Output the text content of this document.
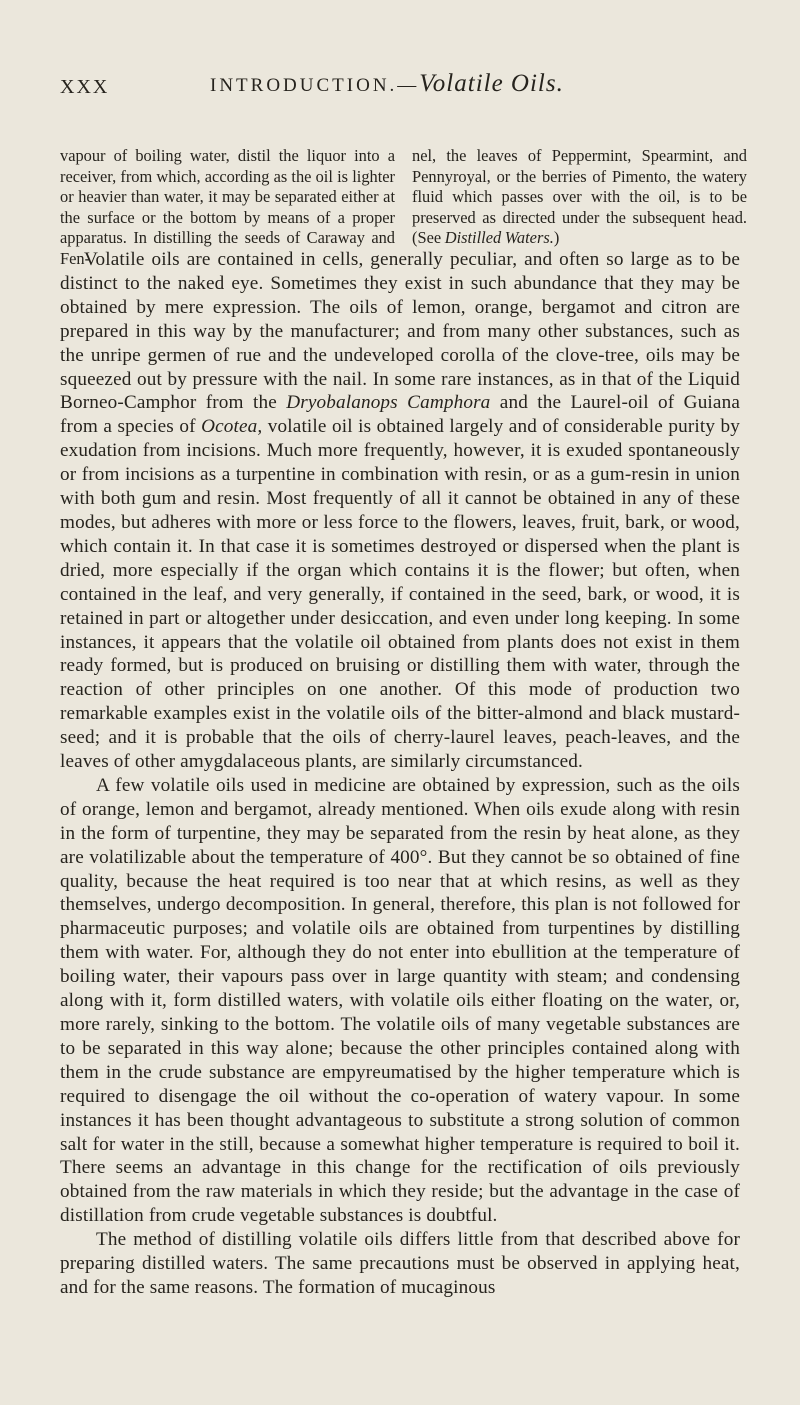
XXX	INTRODUCTION.—Volatile Oils.

vapour of boiling water, distil the liquor into a receiver, from which, according as the oil is lighter or heavier than water, it may be separated either at the surface or the bottom by means of a proper apparatus. In distilling the seeds of Caraway and Fen-

nel, the leaves of Peppermint, Spearmint, and Pennyroyal, or the berries of Pimento, the watery fluid which passes over with the oil, is to be preserved as directed under the subsequent head. (See Distilled Waters.)

Volatile oils are contained in cells, generally peculiar, and often so large as to be distinct to the naked eye. Sometimes they exist in such abundance that they may be obtained by mere expression. The oils of lemon, orange, bergamot and citron are prepared in this way by the manufacturer; and from many other substances, such as the unripe germen of rue and the undeveloped corolla of the clove-tree, oils may be squeezed out by pressure with the nail. In some rare instances, as in that of the Liquid Borneo-Camphor from the Dryobalanops Camphora and the Laurel-oil of Guiana from a species of Ocotea, volatile oil is obtained largely and of considerable purity by exudation from incisions. Much more frequently, however, it is exuded spontaneously or from incisions as a turpentine in combination with resin, or as a gum-resin in union with both gum and resin. Most frequently of all it cannot be obtained in any of these modes, but adheres with more or less force to the flowers, leaves, fruit, bark, or wood, which contain it. In that case it is sometimes destroyed or dispersed when the plant is dried, more especially if the organ which contains it is the flower; but often, when contained in the leaf, and very generally, if contained in the seed, bark, or wood, it is retained in part or altogether under desiccation, and even under long keeping. In some instances, it appears that the volatile oil obtained from plants does not exist in them ready formed, but is produced on bruising or distilling them with water, through the reaction of other principles on one another. Of this mode of production two remarkable examples exist in the volatile oils of the bitter-almond and black mustard-seed; and it is probable that the oils of cherry-laurel leaves, peach-leaves, and the leaves of other amygdalaceous plants, are similarly circumstanced.

A few volatile oils used in medicine are obtained by expression, such as the oils of orange, lemon and bergamot, already mentioned. When oils exude along with resin in the form of turpentine, they may be separated from the resin by heat alone, as they are volatilizable about the temperature of 400°. But they cannot be so obtained of fine quality, because the heat required is too near that at which resins, as well as they themselves, undergo decomposition. In general, therefore, this plan is not followed for pharmaceutic purposes; and volatile oils are obtained from turpentines by distilling them with water. For, although they do not enter into ebullition at the temperature of boiling water, their vapours pass over in large quantity with steam; and condensing along with it, form distilled waters, with volatile oils either floating on the water, or, more rarely, sinking to the bottom. The volatile oils of many vegetable substances are to be separated in this way alone; because the other principles contained along with them in the crude substance are empyreumatised by the higher temperature which is required to disengage the oil without the co-operation of watery vapour. In some instances it has been thought advantageous to substitute a strong solution of common salt for water in the still, because a somewhat higher temperature is required to boil it. There seems an advantage in this change for the rectification of oils previously obtained from the raw materials in which they reside; but the advantage in the case of distillation from crude vegetable substances is doubtful.

The method of distilling volatile oils differs little from that described above for preparing distilled waters. The same precautions must be observed in applying heat, and for the same reasons. The formation of mucaginous
